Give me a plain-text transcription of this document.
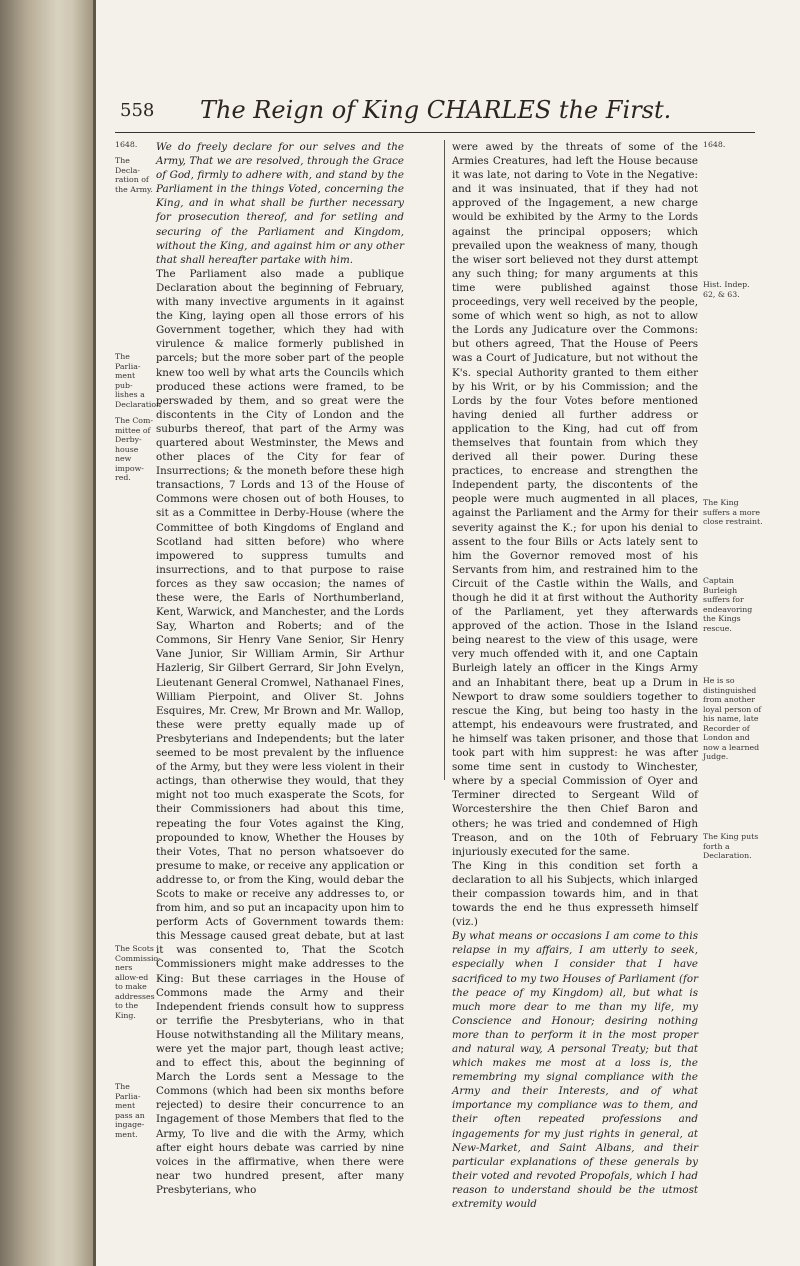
558 The Reign of King CHARLES the First.
1648.
The Decla-ration of the Army.
The Parlia-ment pub-lishes a Declaration
The Com-mittee of Derby-house new impow-red.
The Scots Commissio-ners allow-ed to make addresses to the King.
The Parlia-ment pass an ingage-ment.

We do freely declare for our selves and the Army, That we are resolved, through the Grace of God, firmly to adhere with, and stand by the Parliament in the things Voted, concerning the King, and in what shall be further necessary for prosecution thereof, and for setling and securing of the Parliament and Kingdom, without the King, and against him or any other that shall hereafter partake with him.

The Parliament also made a publique Declaration about the beginning of February, with many invective arguments in it against the King, laying open all those errors of his Government together, which they had with virulence & malice formerly published in parcels; but the more sober part of the people knew too well by what arts the Councils which produced these actions were framed, to be perswaded by them, and so great were the discontents in the City of London and the suburbs thereof, that part of the Army was quartered about Westminster, the Mews and other places of the City for fear of Insurrections; & the moneth before these high transactions, 7 Lords and 13 of the House of Commons were chosen out of both Houses, to sit as a Committee in Derby-House (where the Committee of both Kingdoms of England and Scotland had sitten before) who where impowered to suppress tumults and insurrections, and to that purpose to raise forces as they saw occasion; the names of these were, the Earls of Northumberland, Kent, Warwick, and Manchester, and the Lords Say, Wharton and Roberts; and of the Commons, Sir Henry Vane Senior, Sir Henry Vane Junior, Sir William Armin, Sir Arthur Hazlerig, Sir Gilbert Gerrard, Sir John Evelyn, Lieutenant General Cromwel, Nathanael Fines, William Pierpoint, and Oliver St. Johns Esquires, Mr. Crew, Mr Brown and Mr. Wallop, these were pretty equally made up of Presbyterians and Independents; but the later seemed to be most prevalent by the influence of the Army, but they were less violent in their actings, than otherwise they would, that they might not too much exasperate the Scots, for their Commissioners had about this time, repeating the four Votes against the King, propounded to know, Whether the Houses by their Votes, That no person whatsoever do presume to make, or receive any application or addresse to, or from the King, would debar the Scots to make or receive any addresses to, or from him, and so put an incapacity upon him to perform Acts of Government towards them: this Message caused great debate, but at last it was consented to, That the Scotch Commissioners might make addresses to the King: But these carriages in the House of Commons made the Army and their Independent friends consult how to suppress or terrifie the Presbyterians, who in that House notwithstanding all the Military means, were yet the major part, though least active; and to effect this, about the beginning of March the Lords sent a Message to the Commons (which had been six months before rejected) to desire their concurrence to an Ingagement of those Members that fled to the Army, To live and die with the Army, which after eight hours debate was carried by nine voices in the affirmative, when there were near two hundred present, after many Presbyterians, who

were awed by the threats of some of the Armies Creatures, had left the House because it was late, not daring to Vote in the Negative: and it was insinuated, that if they had not approved of the Ingagement, a new charge would be exhibited by the Army to the Lords against the principal opposers; which prevailed upon the weakness of many, though the wiser sort believed not they durst attempt any such thing; for many arguments at this time were published against those proceedings, very well received by the people, some of which went so high, as not to allow the Lords any Judicature over the Commons: but others agreed, That the House of Peers was a Court of Judicature, but not without the K's. special Authority granted to them either by his Writ, or by his Commission; and the Lords by the four Votes before mentioned having denied all further address or application to the King, had cut off from themselves that fountain from which they derived all their power. During these practices, to encrease and strengthen the Independent party, the discontents of the people were much augmented in all places, against the Parliament and the Army for their severity against the K.; for upon his denial to assent to the four Bills or Acts lately sent to him the Governor removed most of his Servants from him, and restrained him to the Circuit of the Castle within the Walls, and though he did it at first without the Authority of the Parliament, yet they afterwards approved of the action. Those in the Island being nearest to the view of this usage, were very much offended with it, and one Captain Burleigh lately an officer in the Kings Army and an Inhabitant there, beat up a Drum in Newport to draw some souldiers together to rescue the King, but being too hasty in the attempt, his endeavours were frustrated, and he himself was taken prisoner, and those that took part with him supprest: he was after some time sent in custody to Winchester, where by a special Commission of Oyer and Terminer directed to Sergeant Wild of Worcestershire the then Chief Baron and others; he was tried and condemned of High Treason, and on the 10th of February injuriously executed for the same.

The King in this condition set forth a declaration to all his Subjects, which inlarged their compassion towards him, and in that towards the end he thus expresseth himself (viz.)

By what means or occasions I am come to this relapse in my affairs, I am utterly to seek, especially when I consider that I have sacrificed to my two Houses of Parliament (for the peace of my Kingdom) all, but what is much more dear to me than my life, my Conscience and Honour; desiring nothing more than to perform it in the most proper and natural way, A personal Treaty; but that which makes me most at a loss is, the remembring my signal compliance with the Army and their Interests, and of what importance my compliance was to them, and their often repeated professions and ingagements for my just rights in general, at New-Market, and Saint Albans, and their particular explanations of these generals by their voted and revoted Propofals, which I had reason to understand should be the utmost extremity would

1648.
Hist. Indep. 62, & 63.
The King suffers a more close restraint.
Captain Burleigh suffers for endeavoring the Kings rescue.
He is so distinguished from another loyal person of his name, late Recorder of London and now a learned Judge.
The King puts forth a Declaration.
